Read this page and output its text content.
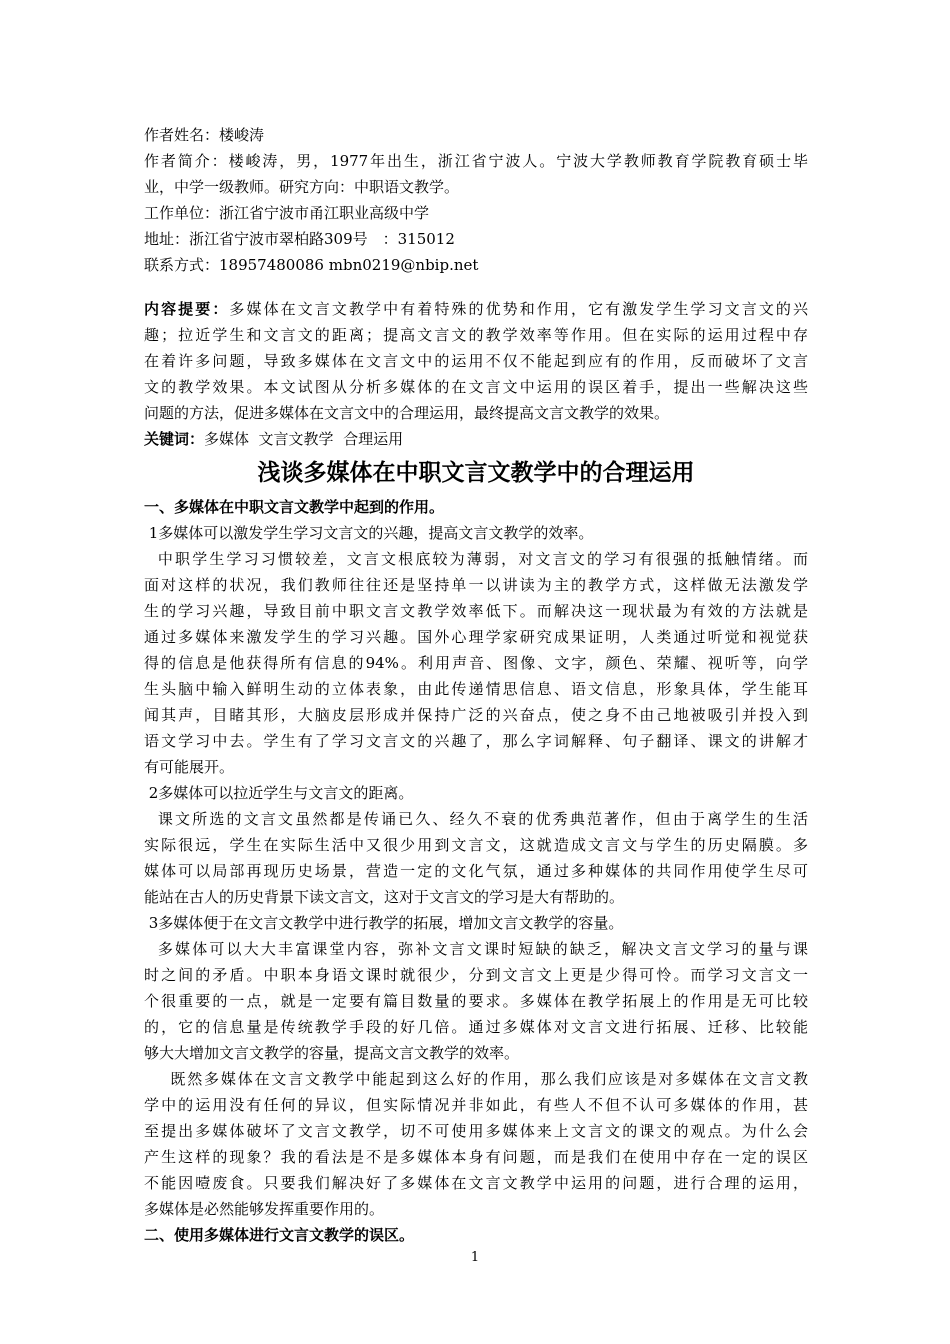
作者姓名：楼峻涛
作者简介：楼峻涛，男，1977年出生，浙江省宁波人。宁波大学教师教育学院教育硕士毕
业，中学一级教师。研究方向：中职语文教学。
工作单位：浙江省宁波市甬江职业高级中学
地址：浙江省宁波市翠柏路309号　：315012
联系方式：18957480086 mbn0219@nbip.net
内容提要：多媒体在文言文教学中有着特殊的优势和作用，它有激发学生学习文言文的兴
趣；拉近学生和文言文的距离；提高文言文的教学效率等作用。但在实际的运用过程中存
在着许多问题，导致多媒体在文言文中的运用不仅不能起到应有的作用，反而破坏了文言
文的教学效果。本文试图从分析多媒体的在文言文中运用的误区着手，提出一些解决这些
问题的方法，促进多媒体在文言文中的合理运用，最终提高文言文教学的效果。
关键词：多媒体  文言文教学  合理运用
浅谈多媒体在中职文言文教学中的合理运用
一、多媒体在中职文言文教学中起到的作用。
1多媒体可以激发学生学习文言文的兴趣，提高文言文教学的效率。
中职学生学习习惯较差，文言文根底较为薄弱，对文言文的学习有很强的抵触情绪。而
面对这样的状况，我们教师往往还是坚持单一以讲读为主的教学方式，这样做无法激发学
生的学习兴趣，导致目前中职文言文教学效率低下。而解决这一现状最为有效的方法就是
通过多媒体来激发学生的学习兴趣。国外心理学家研究成果证明，人类通过听觉和视觉获
得的信息是他获得所有信息的94%。利用声音、图像、文字，颜色、荣耀、视听等，向学
生头脑中输入鲜明生动的立体表象，由此传递情思信息、语文信息，形象具体，学生能耳
闻其声，目睹其形，大脑皮层形成并保持广泛的兴奋点，使之身不由己地被吸引并投入到
语文学习中去。学生有了学习文言文的兴趣了，那么字词解释、句子翻译、课文的讲解才
有可能展开。
2多媒体可以拉近学生与文言文的距离。
课文所选的文言文虽然都是传诵已久、经久不衰的优秀典范著作，但由于离学生的生活
实际很远，学生在实际生活中又很少用到文言文，这就造成文言文与学生的历史隔膜。多
媒体可以局部再现历史场景，营造一定的文化气氛，通过多种媒体的共同作用使学生尽可
能站在古人的历史背景下读文言文，这对于文言文的学习是大有帮助的。
3多媒体便于在文言文教学中进行教学的拓展，增加文言文教学的容量。
多媒体可以大大丰富课堂内容，弥补文言文课时短缺的缺乏，解决文言文学习的量与课
时之间的矛盾。中职本身语文课时就很少，分到文言文上更是少得可怜。而学习文言文一
个很重要的一点，就是一定要有篇目数量的要求。多媒体在教学拓展上的作用是无可比较
的，它的信息量是传统教学手段的好几倍。通过多媒体对文言文进行拓展、迁移、比较能
够大大增加文言文教学的容量，提高文言文教学的效率。
既然多媒体在文言文教学中能起到这么好的作用，那么我们应该是对多媒体在文言文教
学中的运用没有任何的异议，但实际情况并非如此，有些人不但不认可多媒体的作用，甚
至提出多媒体破坏了文言文教学，切不可使用多媒体来上文言文的课文的观点。为什么会
产生这样的现象？我的看法是不是多媒体本身有问题，而是我们在使用中存在一定的误区
不能因噎废食。只要我们解决好了多媒体在文言文教学中运用的问题，进行合理的运用，
多媒体是必然能够发挥重要作用的。
二、使用多媒体进行文言文教学的误区。
1
